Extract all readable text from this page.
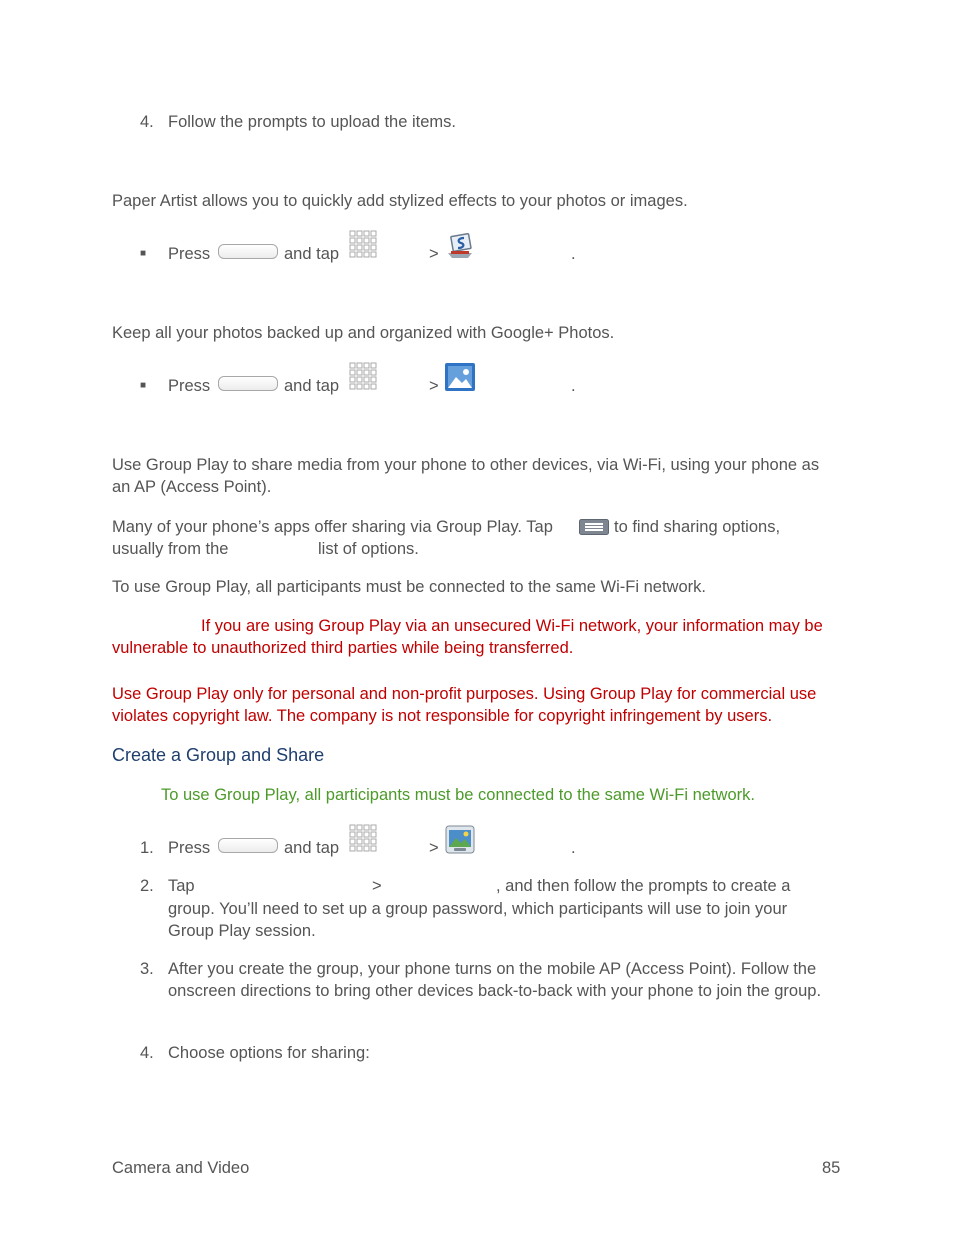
4. Follow the prompts to upload the items.
Paper Artist allows you to quickly add stylized effects to your photos or images.
■ Press	and tap	>	.
Keep all your photos backed up and organized with Google+ Photos.
■ Press	and tap	>	.
Use Group Play to share media from your phone to other devices, via Wi-Fi, using your phone as an AP (Access Point).
Many of your phone’s apps offer sharing via Group Play. Tap	to find sharing options,
usually from the	list of options.
To use Group Play, all participants must be connected to the same Wi-Fi network.
If you are using Group Play via an unsecured Wi-Fi network, your information may be vulnerable to unauthorized third parties while being transferred.
Use Group Play only for personal and non-profit purposes. Using Group Play for commercial use violates copyright law. The company is not responsible for copyright infringement by users.
Create a Group and Share
To use Group Play, all participants must be connected to the same Wi-Fi network.
1. Press	and tap	>	.
2. Tap	>	, and then follow the prompts to create a
group. You’ll need to set up a group password, which participants will use to join your Group Play session.
3. After you create the group, your phone turns on the mobile AP (Access Point). Follow the onscreen directions to bring other devices back-to-back with your phone to join the group.
4. Choose options for sharing:
Camera and Video	85
